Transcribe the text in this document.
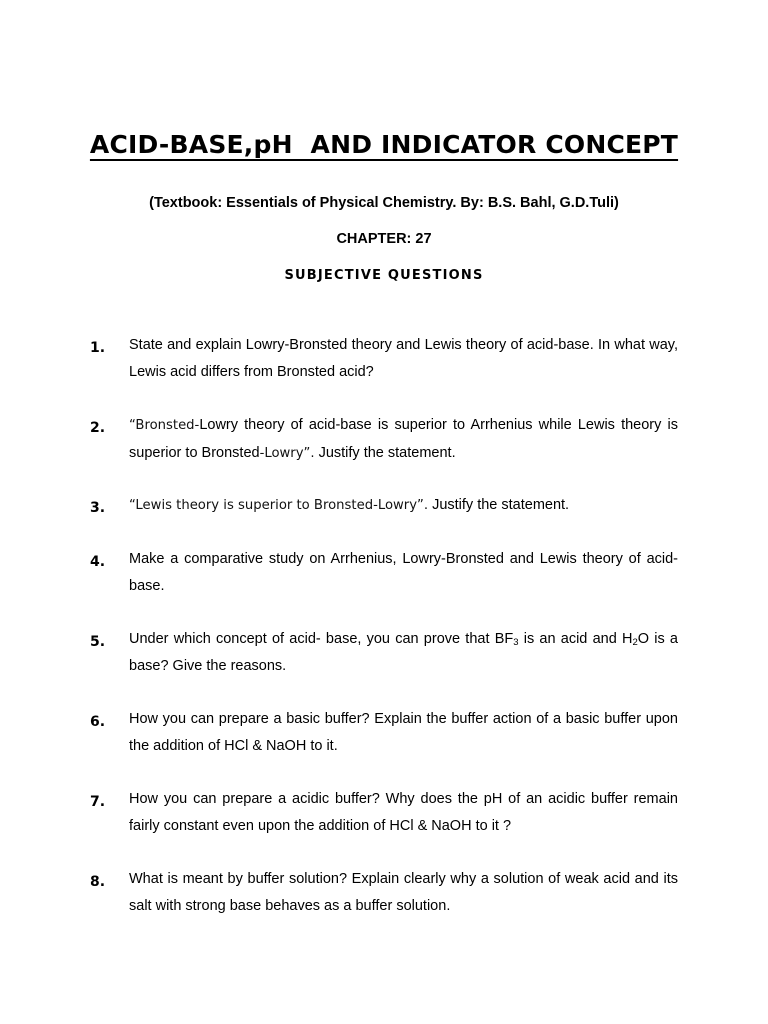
ACID-BASE,pH  AND INDICATOR CONCEPT
(Textbook: Essentials of Physical Chemistry. By: B.S. Bahl, G.D.Tuli)
CHAPTER: 27
SUBJECTIVE QUESTIONS
1. State and explain Lowry-Bronsted theory and Lewis theory of acid-base. In what way, Lewis acid differs from Bronsted acid?
2. “Bronsted-Lowry theory of acid-base is superior to Arrhenius while Lewis theory is superior to Bronsted-Lowry”. Justify the statement.
3. “Lewis theory is superior to Bronsted-Lowry”. Justify the statement.
4. Make a comparative study on Arrhenius, Lowry-Bronsted and Lewis theory of acid-base.
5. Under which concept of acid- base, you can prove that $BF_3$ is an acid and $H_2O$ is a base? Give the reasons.
6. How you can prepare a basic buffer? Explain the buffer action of a basic buffer upon the addition of HCl & NaOH to it.
7. How you can prepare a acidic buffer? Why does the pH of an acidic buffer remain fairly constant even upon the addition of HCl & NaOH to it ?
8. What is meant by buffer solution? Explain clearly why a solution of weak acid and its salt with strong base behaves as a buffer solution.
